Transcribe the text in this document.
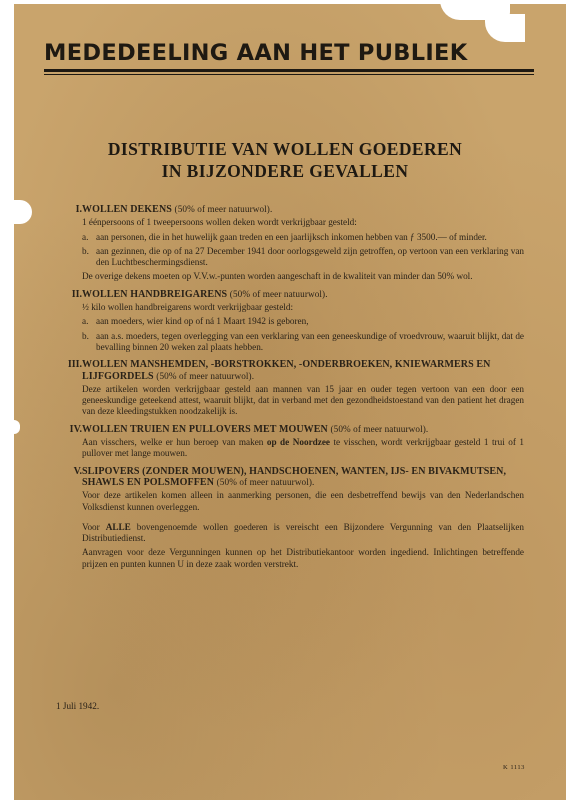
MEDEDEELING AAN HET PUBLIEK
DISTRIBUTIE VAN WOLLEN GOEDEREN
IN BIJZONDERE GEVALLEN
I. WOLLEN DEKENS (50% of meer natuurwol).

1 éénpersoons of 1 tweepersoons wollen deken wordt verkrijgbaar gesteld:

a. aan personen, die in het huwelijk gaan treden en een jaarlijksch inkomen hebben van ƒ 3500.— of minder.
b. aan gezinnen, die op of na 27 December 1941 door oorlogsgeweld zijn getroffen, op vertoon van een verklaring van den Luchtbeschermingsdienst.

De overige dekens moeten op V.V.w.-punten worden aangeschaft in de kwaliteit van minder dan 50% wol.

II. WOLLEN HANDBREIGARENS (50% of meer natuurwol).

½ kilo wollen handbreigarens wordt verkrijgbaar gesteld:

a. aan moeders, wier kind op of ná 1 Maart 1942 is geboren,
b. aan a.s. moeders, tegen overlegging van een verklaring van een geneeskundige of vroedvrouw, waaruit blijkt, dat de bevalling binnen 20 weken zal plaats hebben.
III. WOLLEN MANSHEMDEN, -BORSTROKKEN, -ONDERBROEKEN, KNIEWARMERS EN LIJFGORDELS (50% of meer natuurwol).

Deze artikelen worden verkrijgbaar gesteld aan mannen van 15 jaar en ouder tegen vertoon van een door een geneeskundige geteekend attest, waaruit blijkt, dat in verband met den gezondheidstoestand van den patient het dragen van deze kleedingstukken noodzakelijk is.

IV. WOLLEN TRUIEN EN PULLOVERS MET MOUWEN (50% of meer natuurwol).

Aan visschers, welke er hun beroep van maken op de Noordzee te visschen, wordt verkrijgbaar gesteld 1 trui of 1 pullover met lange mouwen.

V. SLIPOVERS (ZONDER MOUWEN), HANDSCHOENEN, WANTEN, IJS- EN BIVAKMUTSEN, SHAWLS EN POLSMOFFEN (50% of meer natuurwol).

Voor deze artikelen komen alleen in aanmerking personen, die een desbetreffend bewijs van den Nederlandschen Volksdienst kunnen overleggen.

Voor ALLE bovengenoemde wollen goederen is vereischt een Bijzondere Vergunning van den Plaatselijken Distributiedienst.

Aanvragen voor deze Vergunningen kunnen op het Distributiekantoor worden ingediend. Inlichtingen betreffende prijzen en punten kunnen U in deze zaak worden verstrekt.

1 Juli 1942.
K 1113
